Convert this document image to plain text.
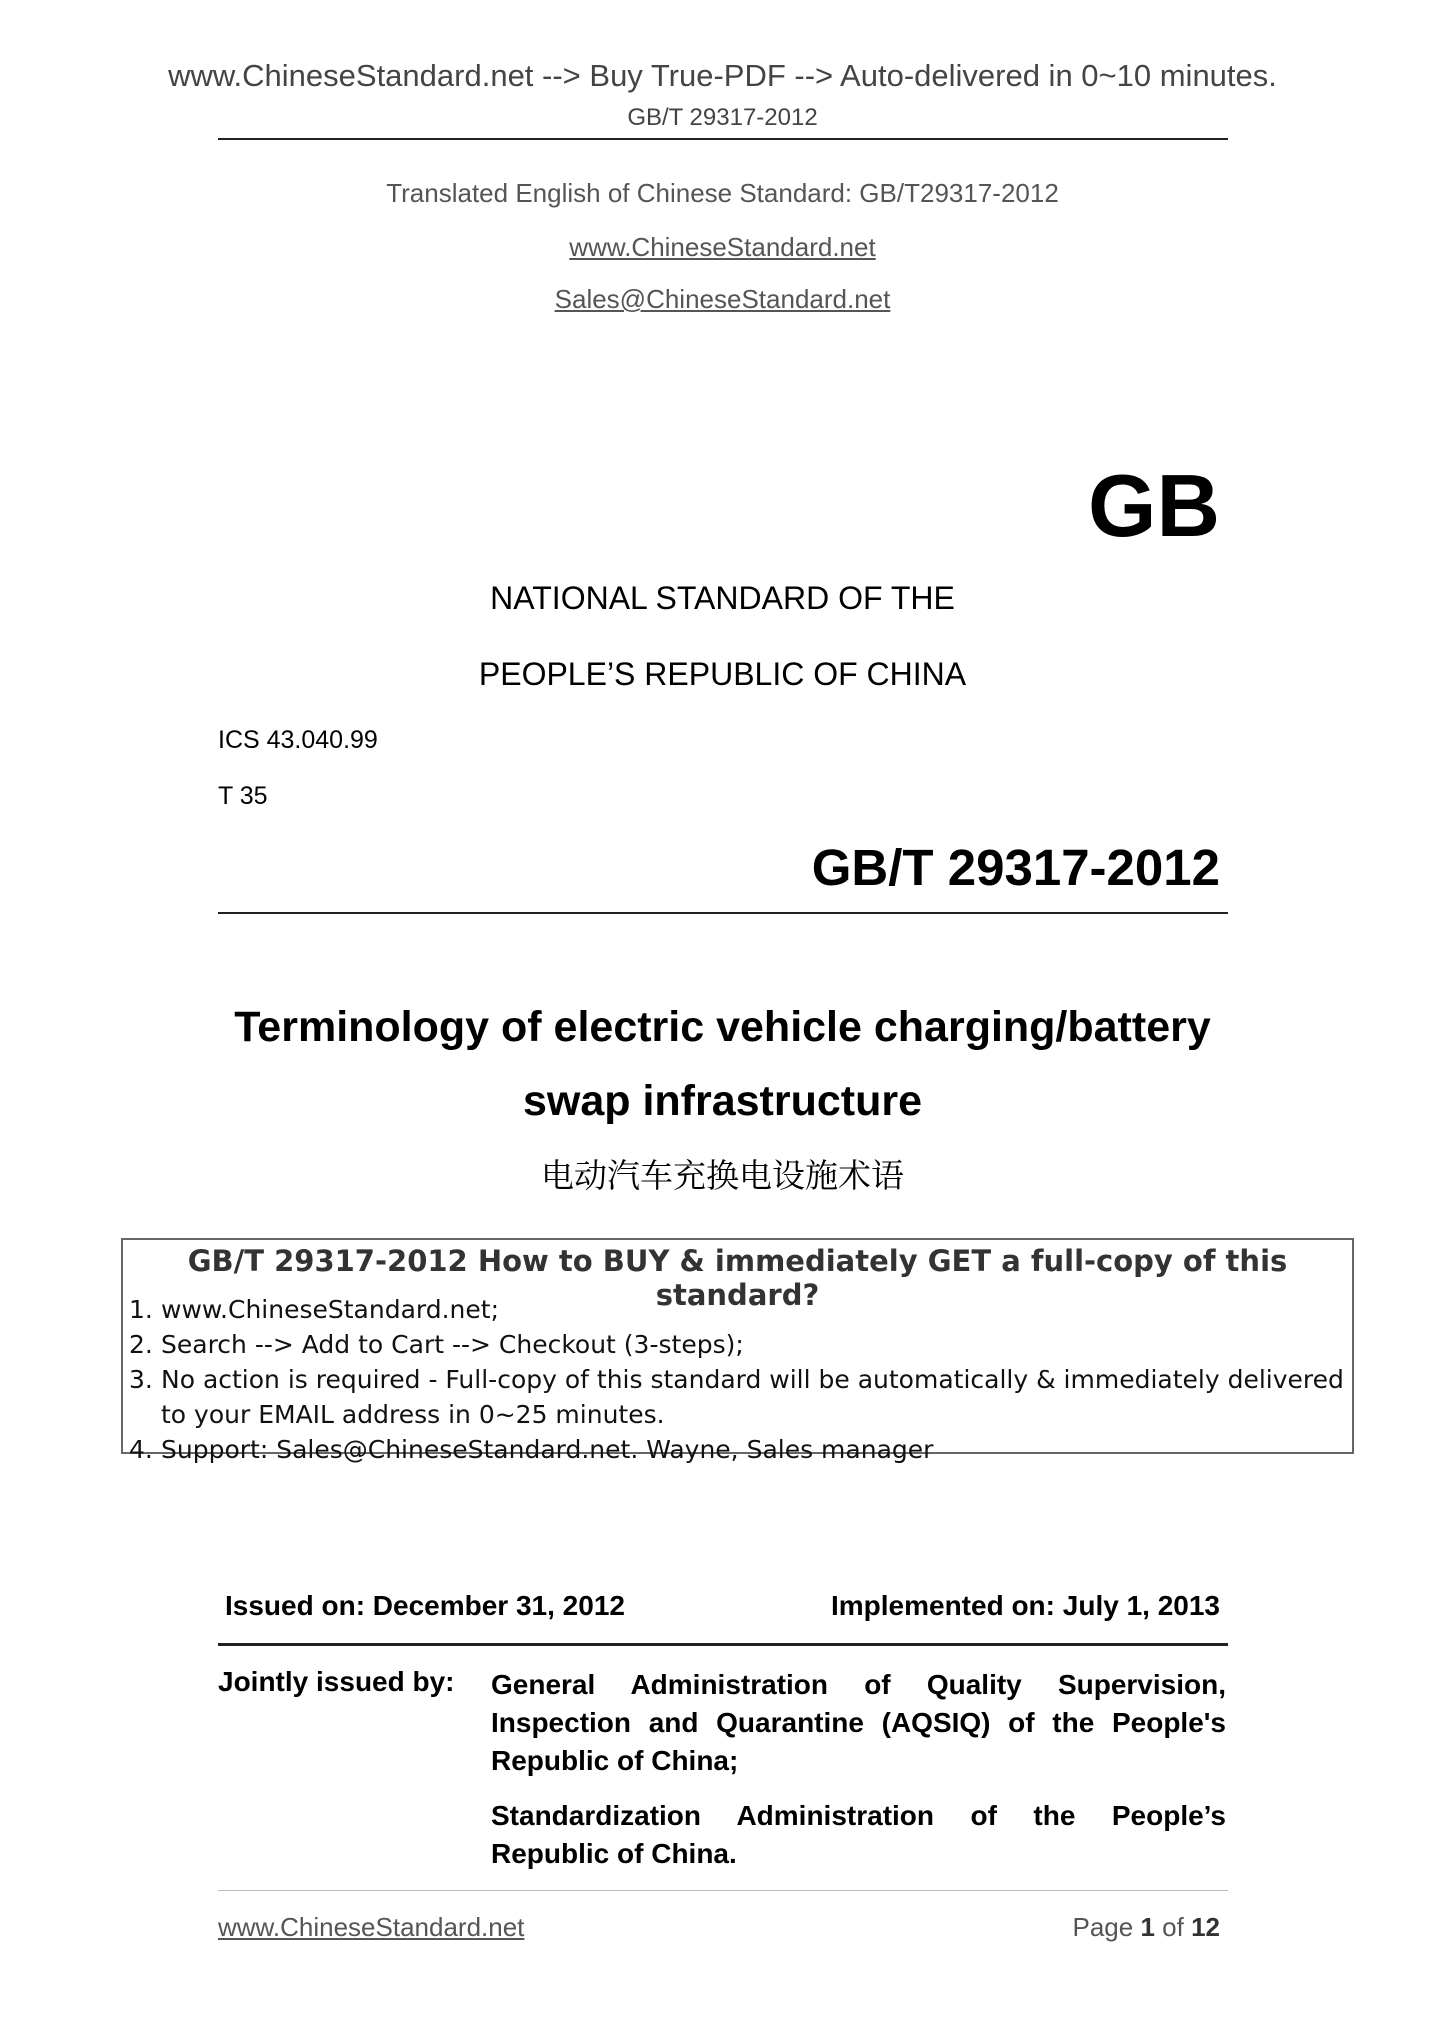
www.ChineseStandard.net --> Buy True-PDF --> Auto-delivered in 0~10 minutes.
GB/T 29317-2012
Translated English of Chinese Standard: GB/T29317-2012
www.ChineseStandard.net
Sales@ChineseStandard.net
GB
NATIONAL STANDARD OF THE
PEOPLE’S REPUBLIC OF CHINA
ICS 43.040.99
T 35
GB/T 29317-2012
Terminology of electric vehicle charging/battery
swap infrastructure
电动汽车充换电设施术语
GB/T 29317-2012 How to BUY & immediately GET a full-copy of this standard?
1. www.ChineseStandard.net;
2. Search --> Add to Cart --> Checkout (3-steps);
3. No action is required - Full-copy of this standard will be automatically & immediately delivered to your EMAIL address in 0~25 minutes.
4. Support: Sales@ChineseStandard.net. Wayne, Sales manager
Issued on: December 31, 2012	Implemented on: July 1, 2013
Jointly issued by: General Administration of Quality Supervision, Inspection and Quarantine (AQSIQ) of the People's Republic of China;
Standardization Administration of the People’s Republic of China.
www.ChineseStandard.net	Page 1 of 12
